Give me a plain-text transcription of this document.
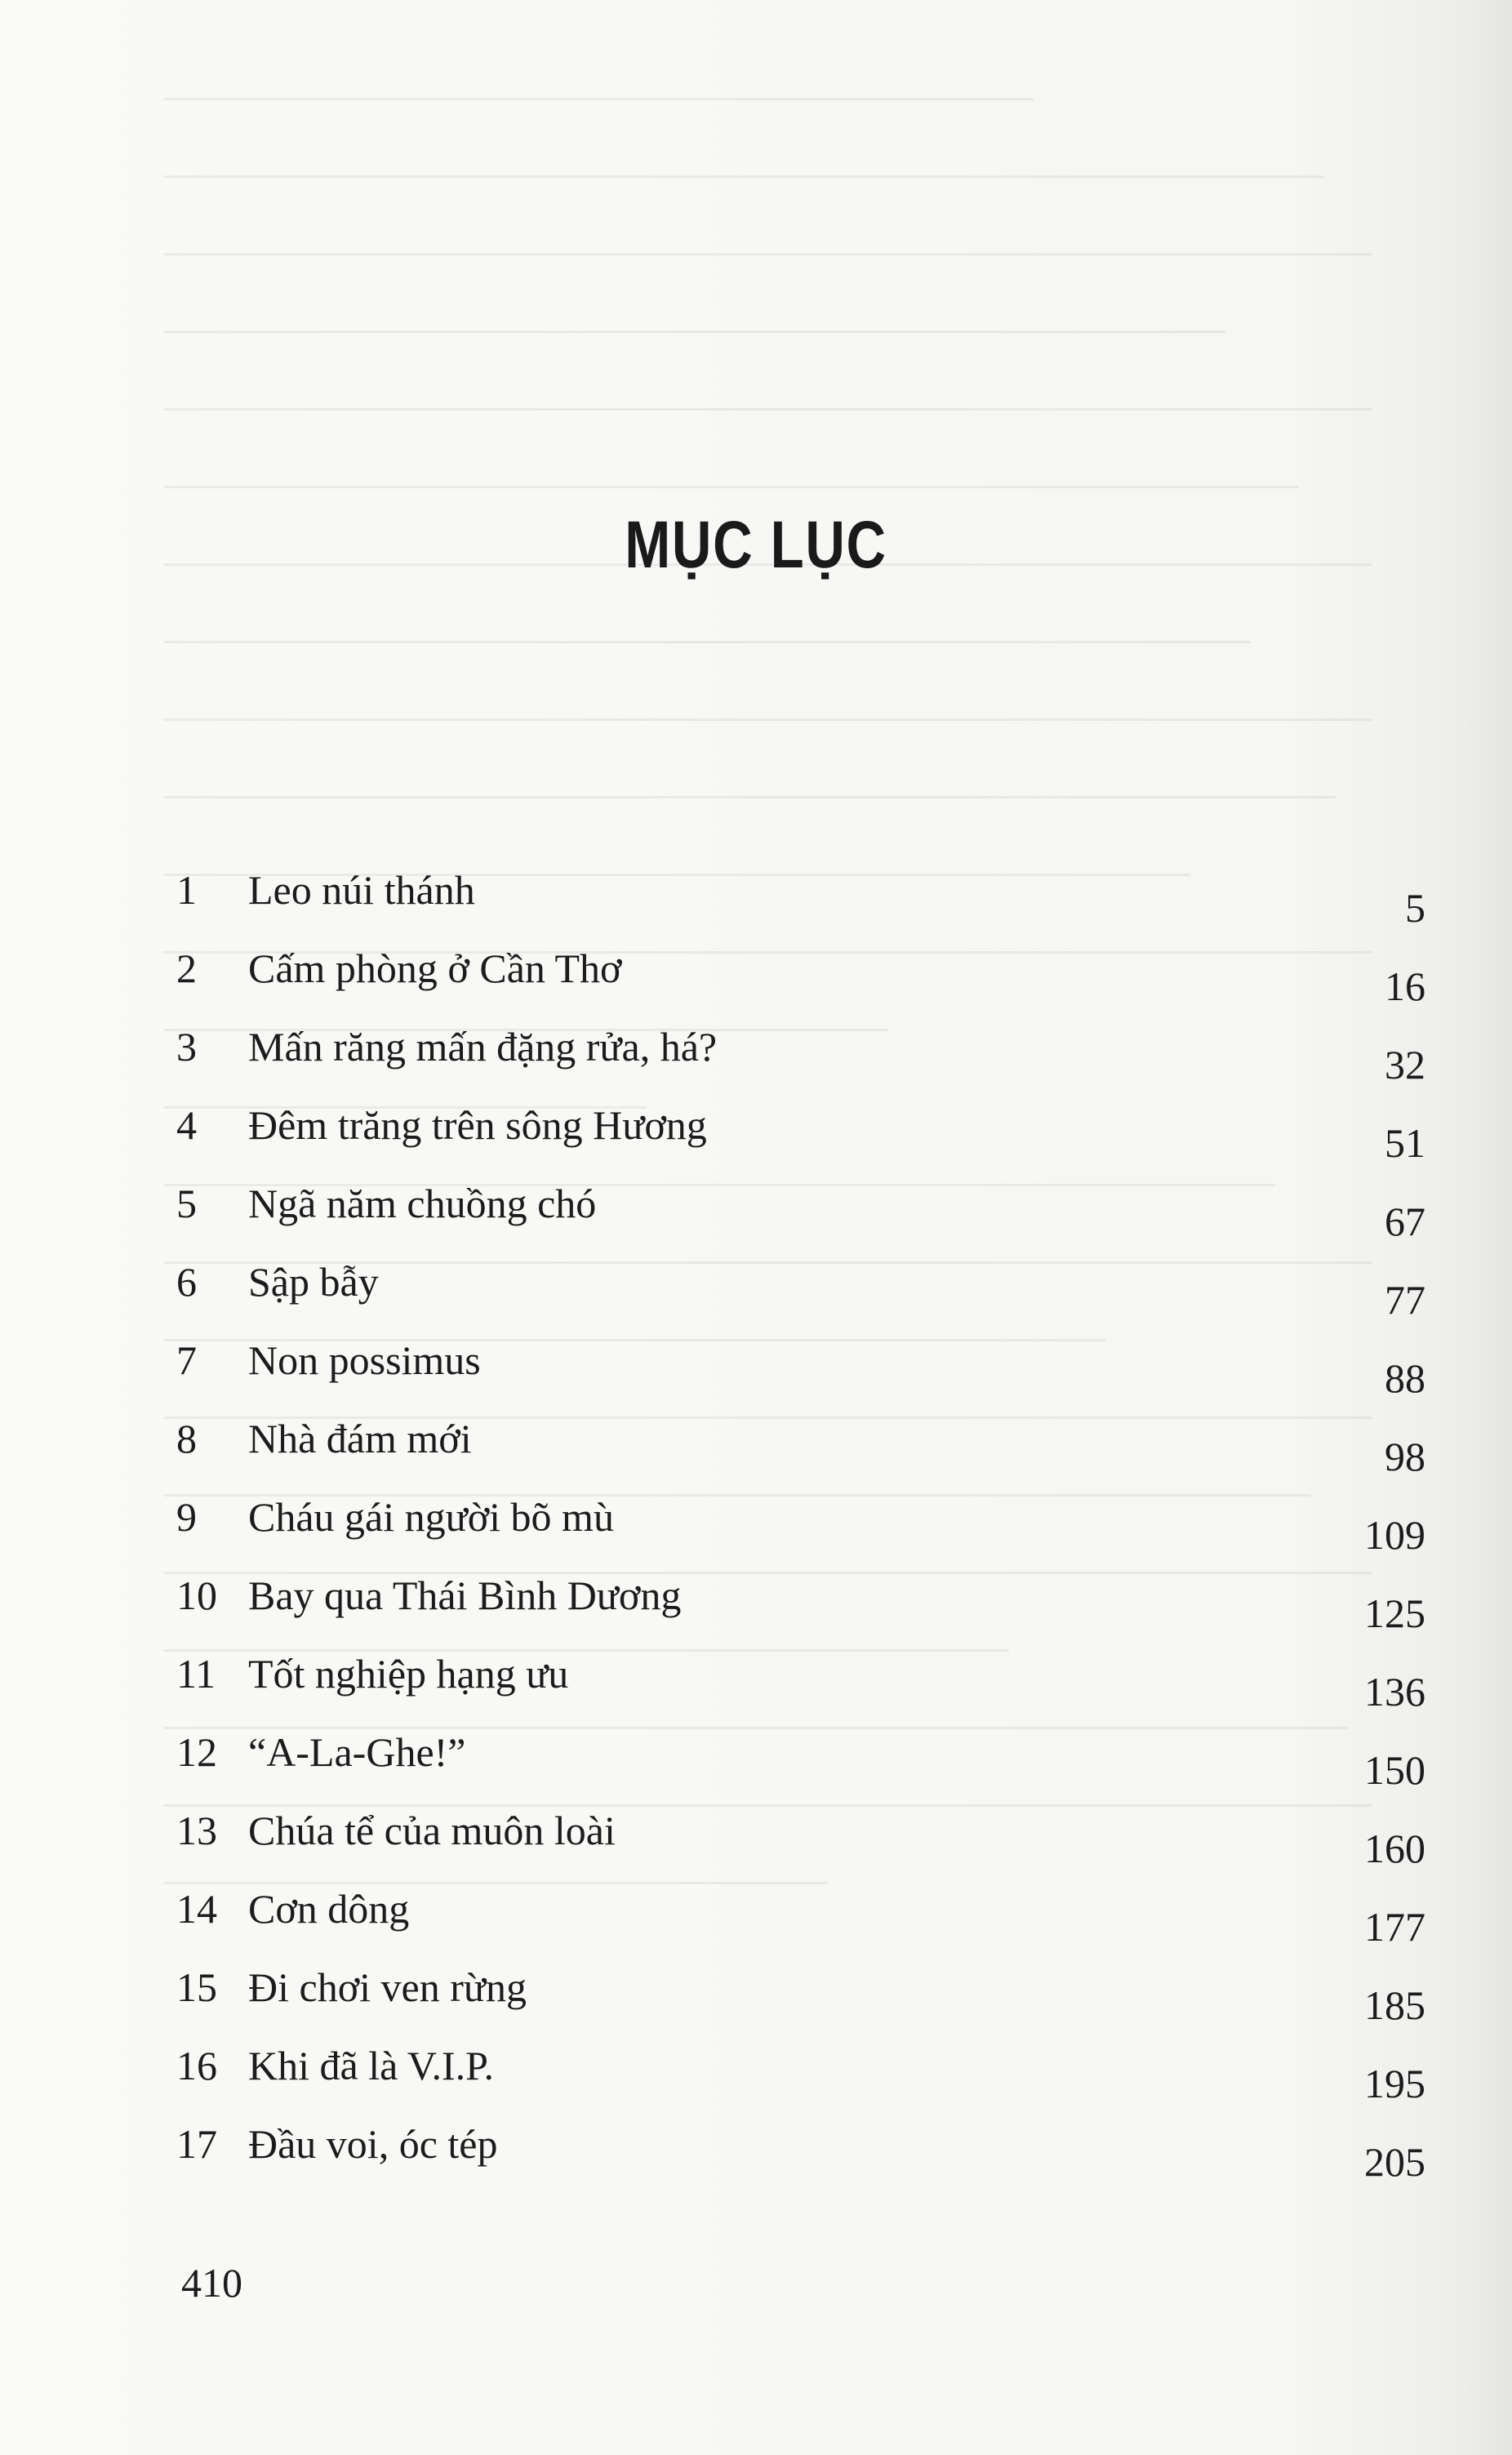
MỤC LỤC
1 Leo núi thánh	5
2 Cấm phòng ở Cần Thơ	16
3 Mấn răng mấn đặng rửa, há?	32
4 Đêm trăng trên sông Hương	51
5 Ngã năm chuồng chó	67
6 Sập bẫy	77
7 Non possimus	88
8 Nhà đám mới	98
9 Cháu gái người bõ mù	109
10 Bay qua Thái Bình Dương	125
11 Tốt nghiệp hạng ưu	136
12 “A-La-Ghe!”	150
13 Chúa tể của muôn loài	160
14 Cơn dông	177
15 Đi chơi ven rừng	185
16 Khi đã là V.I.P.	195
17 Đầu voi, óc tép	205
410
